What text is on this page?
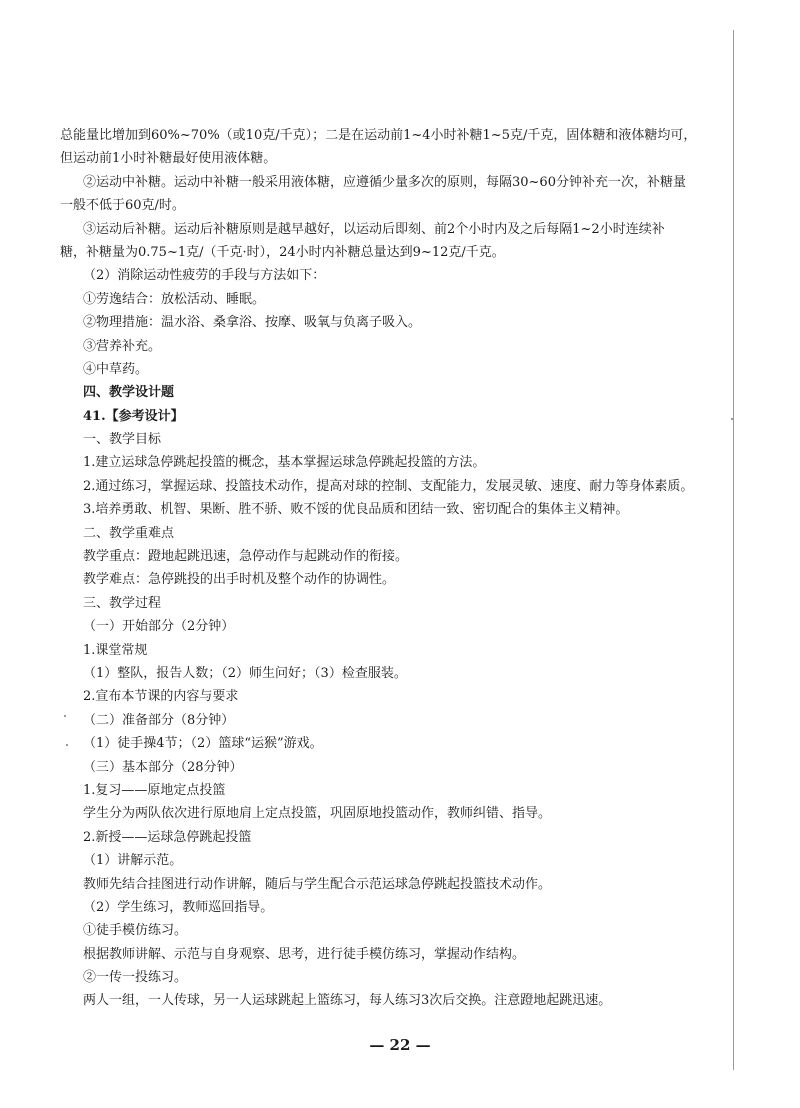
总能量比增加到60%~70%（或10克/千克）；二是在运动前1~4小时补糖1~5克/千克，固体糖和液体糖均可，
但运动前1小时补糖最好使用液体糖。
②运动中补糖。运动中补糖一般采用液体糖，应遵循少量多次的原则，每隔30~60分钟补充一次，补糖量
一般不低于60克/时。
③运动后补糖。运动后补糖原则是越早越好，以运动后即刻、前2个小时内及之后每隔1~2小时连续补
糖，补糖量为0.75~1克/（千克·时），24小时内补糖总量达到9~12克/千克。
（2）消除运动性疲劳的手段与方法如下：
①劳逸结合：放松活动、睡眠。
②物理措施：温水浴、桑拿浴、按摩、吸氧与负离子吸入。
③营养补充。
④中草药。
四、教学设计题
41.【参考设计】
一、教学目标
1.建立运球急停跳起投篮的概念，基本掌握运球急停跳起投篮的方法。
2.通过练习，掌握运球、投篮技术动作，提高对球的控制、支配能力，发展灵敏、速度、耐力等身体素质。
3.培养勇敢、机智、果断、胜不骄、败不馁的优良品质和团结一致、密切配合的集体主义精神。
二、教学重难点
教学重点：蹬地起跳迅速，急停动作与起跳动作的衔接。
教学难点：急停跳投的出手时机及整个动作的协调性。
三、教学过程
（一）开始部分（2分钟）
1.课堂常规
（1）整队，报告人数；（2）师生问好；（3）检查服装。
2.宣布本节课的内容与要求
（二）准备部分（8分钟）
（1）徒手操4节；（2）篮球“运猴”游戏。
（三）基本部分（28分钟）
1.复习——原地定点投篮
学生分为两队依次进行原地肩上定点投篮，巩固原地投篮动作，教师纠错、指导。
2.新授——运球急停跳起投篮
（1）讲解示范。
教师先结合挂图进行动作讲解，随后与学生配合示范运球急停跳起投篮技术动作。
（2）学生练习，教师巡回指导。
①徒手模仿练习。
根据教师讲解、示范与自身观察、思考，进行徒手模仿练习，掌握动作结构。
②一传一投练习。
两人一组，一人传球，另一人运球跳起上篮练习，每人练习3次后交换。注意蹬地起跳迅速。
— 22 —
